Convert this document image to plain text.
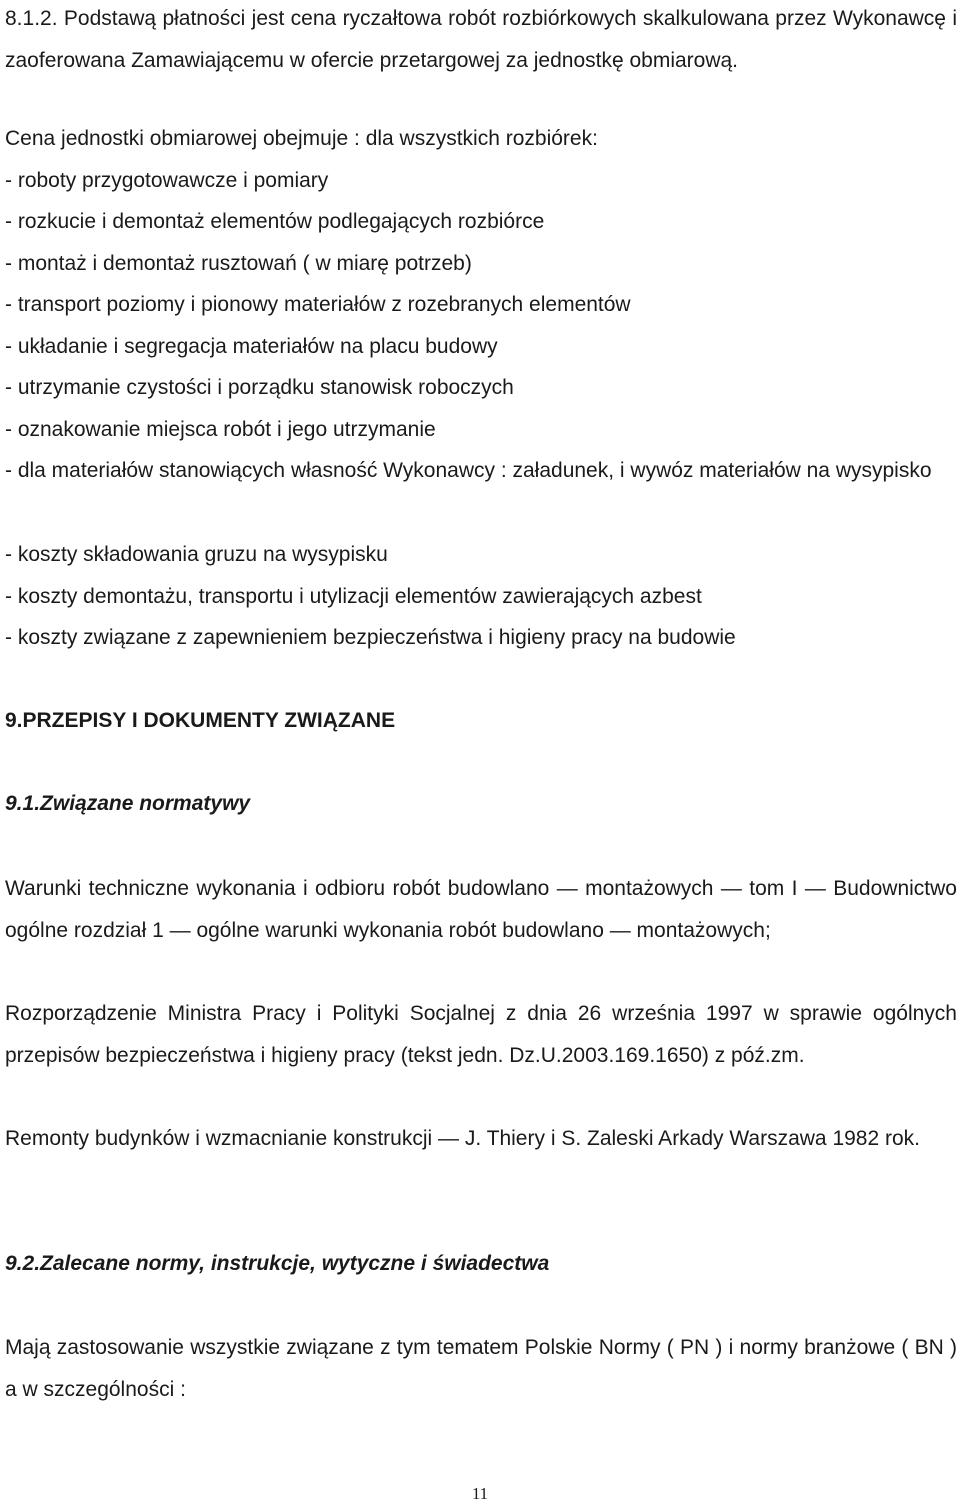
8.1.2. Podstawą płatności jest cena ryczałtowa robót rozbiórkowych skalkulowana przez Wykonawcę i zaoferowana Zamawiającemu w ofercie przetargowej za jednostkę obmiarową.

Cena jednostki obmiarowej obejmuje : dla wszystkich rozbiórek:

- roboty przygotowawcze i pomiary

- rozkucie i demontaż elementów podlegających rozbiórce

- montaż i demontaż rusztowań ( w miarę potrzeb)

- transport poziomy i pionowy materiałów z rozebranych elementów

- układanie i segregacja materiałów na placu budowy

- utrzymanie czystości i porządku stanowisk roboczych

- oznakowanie miejsca robót i jego utrzymanie

- dla materiałów stanowiących własność Wykonawcy : załadunek, i wywóz materiałów na wysypisko

- koszty składowania gruzu na wysypisku

- koszty demontażu, transportu i utylizacji elementów zawierających azbest

- koszty związane z zapewnieniem bezpieczeństwa i higieny pracy na budowie

9.PRZEPISY I DOKUMENTY ZWIĄZANE
9.1.Związane normatywy

Warunki techniczne wykonania i odbioru robót budowlano — montażowych — tom I — Budownictwo ogólne rozdział 1 — ogólne warunki wykonania robót budowlano — montażowych;

Rozporządzenie Ministra Pracy i Polityki Socjalnej z dnia 26 września 1997 w sprawie ogólnych przepisów bezpieczeństwa i higieny pracy (tekst jedn. Dz.U.2003.169.1650) z póź.zm.

Remonty budynków i wzmacnianie konstrukcji — J. Thiery i S. Zaleski Arkady Warszawa 1982 rok.

9.2.Zalecane normy, instrukcje, wytyczne i świadectwa

Mają zastosowanie wszystkie związane z tym tematem Polskie Normy ( PN ) i normy branżowe ( BN ) a w szczególności :

11
